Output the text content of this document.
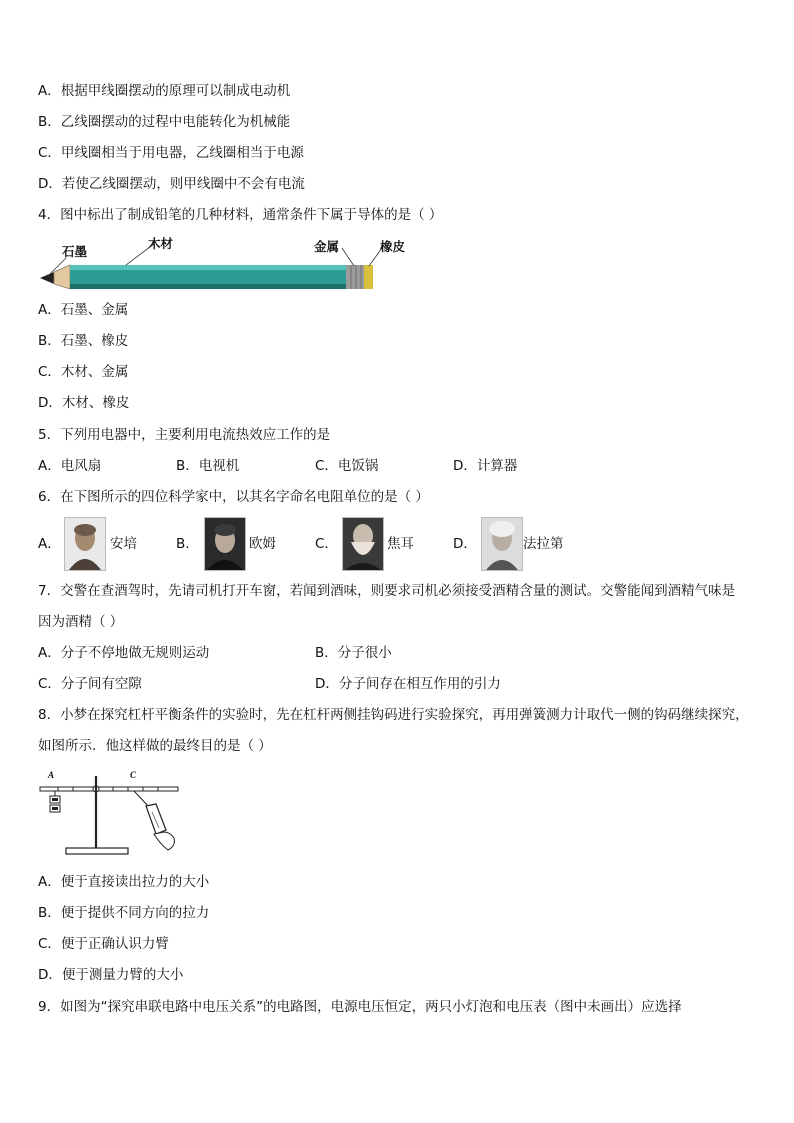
A．根据甲线圈摆动的原理可以制成电动机
B．乙线圈摆动的过程中电能转化为机械能
C．甲线圈相当于用电器，乙线圈相当于电源
D．若使乙线圈摆动，则甲线圈中不会有电流
4．图中标出了制成铅笔的几种材料，通常条件下属于导体的是（ ）
石墨
木材	金属	橡皮
A．石墨、金属
B．石墨、橡皮
C．木材、金属
D．木材、橡皮
5．下列用电器中，主要利用电流热效应工作的是
A．电风扇	B．电视机	C．电饭锅	D．计算器
6．在下图所示的四位科学家中，以其名字命名电阻单位的是（ ）
A．	安培	B．	欧姆	C．	焦耳	D．	法拉第
7．交警在查酒驾时，先请司机打开车窗，若闻到酒味，则要求司机必须接受酒精含量的测试。交警能闻到酒精气味是
因为酒精（ ）
A．分子不停地做无规则运动	B．分子很小
C．分子间有空隙	D．分子间存在相互作用的引力
8．小梦在探究杠杆平衡条件的实验时，先在杠杆两侧挂钩码进行实验探究，再用弹簧测力计取代一侧的钩码继续探究，
如图所示．他这样做的最终目的是（ ）
A	C
A．便于直接读出拉力的大小
B．便于提供不同方向的拉力
C．便于正确认识力臂
D．便于测量力臂的大小
9．如图为“探究串联电路中电压关系”的电路图，电源电压恒定，两只小灯泡和电压表（图中未画出）应选择
